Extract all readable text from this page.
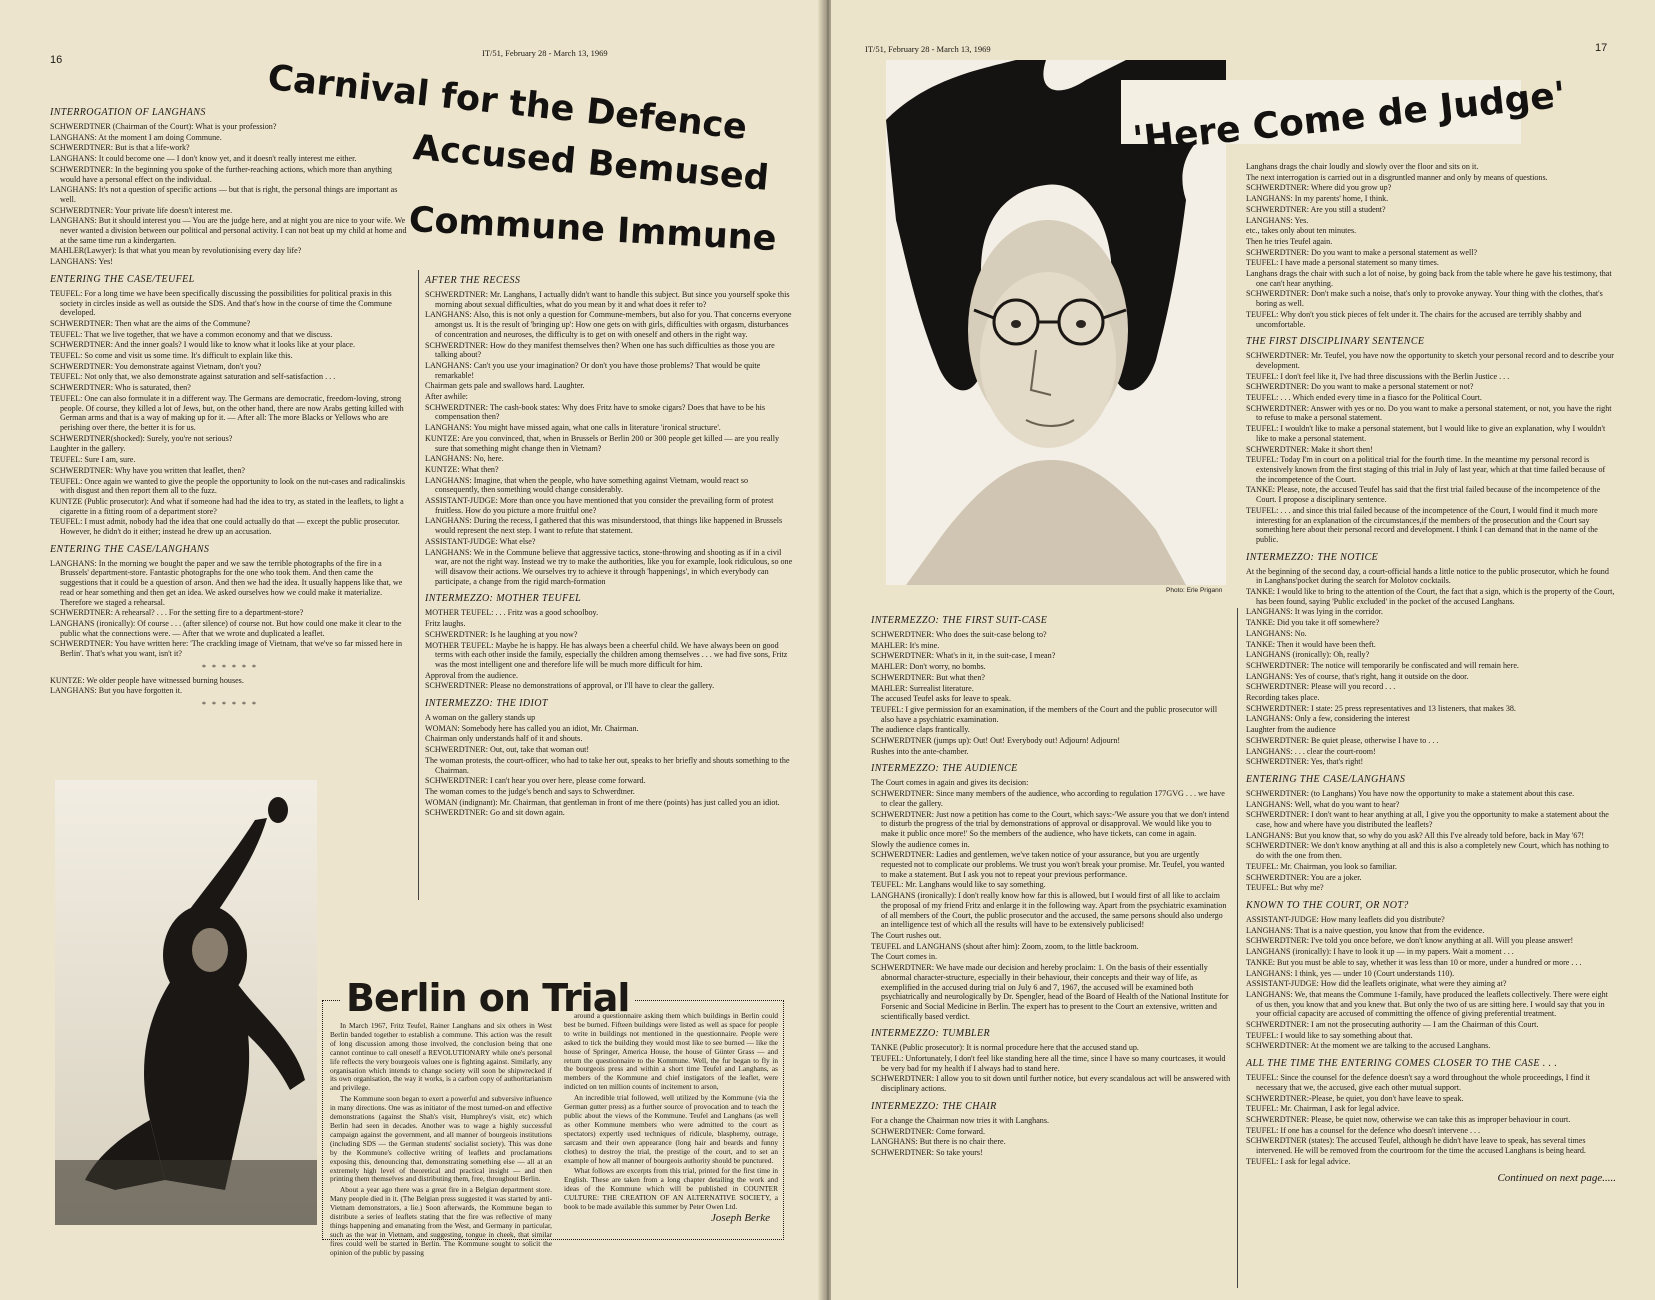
16
IT/51, February 28 - March 13, 1969
Carnival for the Defence
Accused Bemused
Commune Immune
INTERROGATION OF LANGHANS

SCHWERDTNER (Chairman of the Court): What is your profession?

LANGHANS: At the moment I am doing Commune.

SCHWERDTNER: But is that a life-work?

LANGHANS: It could become one — I don't know yet, and it doesn't really interest me either.

SCHWERDTNER: In the beginning you spoke of the further-reaching actions, which more than anything would have a personal effect on the individual.

LANGHANS: It's not a question of specific actions — but that is right, the personal things are important as well.

SCHWERDTNER: Your private life doesn't interest me.

LANGHANS: But it should interest you — You are the judge here, and at night you are nice to your wife. We never wanted a division between our political and personal activity. I can not beat up my child at home and at the same time run a kindergarten.

MAHLER(Lawyer): Is that what you mean by revolutionising every day life?

LANGHANS: Yes!

ENTERING THE CASE/TEUFEL

TEUFEL: For a long time we have been specifically discussing the possibilities for political praxis in this society in circles inside as well as outside the SDS. And that's how in the course of time the Commune developed.

SCHWERDTNER: Then what are the aims of the Commune?

TEUFEL: That we live together, that we have a common economy and that we discuss.

SCHWERDTNER: And the inner goals? I would like to know what it looks like at your place.

TEUFEL: So come and visit us some time. It's difficult to explain like this.

SCHWERDTNER: You demonstrate against Vietnam, don't you?

TEUFEL: Not only that, we also demonstrate against saturation and self-satisfaction . . .

SCHWERDTNER: Who is saturated, then?

TEUFEL: One can also formulate it in a different way. The Germans are democratic, freedom-loving, strong people. Of course, they killed a lot of Jews, but, on the other hand, there are now Arabs getting killed with German arms and that is a way of making up for it. — After all: The more Blacks or Yellows who are perishing over there, the better it is for us.

SCHWERDTNER(shocked): Surely, you're not serious?

Laughter in the gallery.

TEUFEL: Sure I am, sure.

SCHWERDTNER: Why have you written that leaflet, then?

TEUFEL: Once again we wanted to give the people the opportunity to look on the nut-cases and radicalinskis with disgust and then report them all to the fuzz.

KUNTZE (Public prosecutor): And what if someone had had the idea to try, as stated in the leaflets, to light a cigarette in a fitting room of a department store?

TEUFEL: I must admit, nobody had the idea that one could actually do that — except the public prosecutor. However, he didn't do it either; instead he drew up an accusation.

ENTERING THE CASE/LANGHANS

LANGHANS: In the morning we bought the paper and we saw the terrible photographs of the fire in a Brussels' department-store. Fantastic photographs for the one who took them. And then came the suggestions that it could be a question of arson. And then we had the idea. It usually happens like that, we read or hear something and then get an idea. We asked ourselves how we could make it materialize. Therefore we staged a rehearsal.

SCHWERDTNER: A rehearsal? . . . For the setting fire to a department-store?

LANGHANS (ironically): Of course . . . (after silence) of course not. But how could one make it clear to the public what the connections were. — After that we wrote and duplicated a leaflet.

SCHWERDTNER: You have written here: 'The crackling image of Vietnam, that we've so far missed here in Berlin'. That's what you want, isn't it?

* * * * * *

KUNTZE: We older people have witnessed burning houses.

LANGHANS: But you have forgotten it.

* * * * * *
AFTER THE RECESS

SCHWERDTNER: Mr. Langhans, I actually didn't want to handle this subject. But since you yourself spoke this morning about sexual difficulties, what do you mean by it and what does it refer to?

LANGHANS: Also, this is not only a question for Commune-members, but also for you. That concerns everyone amongst us. It is the result of 'bringing up': How one gets on with girls, difficulties with orgasm, disturbances of concentration and neuroses, the difficulty is to get on with oneself and others in the right way.

SCHWERDTNER: How do they manifest themselves then? When one has such difficulties as those you are talking about?

LANGHANS: Can't you use your imagination? Or don't you have those problems? That would be quite remarkable!

Chairman gets pale and swallows hard. Laughter.

After awhile:

SCHWERDTNER: The cash-book states: Why does Fritz have to smoke cigars? Does that have to be his compensation then?

LANGHANS: You might have missed again, what one calls in literature 'ironical structure'.

KUNTZE: Are you convinced, that, when in Brussels or Berlin 200 or 300 people get killed — are you really sure that something might change then in Vietnam?

LANGHANS: No, here.

KUNTZE: What then?

LANGHANS: Imagine, that when the people, who have something against Vietnam, would react so consequently, then something would change considerably.

ASSISTANT-JUDGE: More than once you have mentioned that you consider the prevailing form of protest fruitless. How do you picture a more fruitful one?

LANGHANS: During the recess, I gathered that this was misunderstood, that things like happened in Brussels would represent the next step. I want to refute that statement.

ASSISTANT-JUDGE: What else?

LANGHANS: We in the Commune believe that aggressive tactics, stone-throwing and shooting as if in a civil war, are not the right way. Instead we try to make the authorities, like you for example, look ridiculous, so one will disavow their actions. We ourselves try to achieve it through 'happenings', in which everybody can participate, a change from the rigid march-formation

INTERMEZZO: MOTHER TEUFEL

MOTHER TEUFEL: . . . Fritz was a good schoolboy.

Fritz laughs.

SCHWERDTNER: Is he laughing at you now?

MOTHER TEUFEL: Maybe he is happy. He has always been a cheerful child. We have always been on good terms with each other inside the family, especially the children among themselves . . . we had five sons, Fritz was the most intelligent one and therefore life will be much more difficult for him.

Approval from the audience.

SCHWERDTNER: Please no demonstrations of approval, or I'll have to clear the gallery.

INTERMEZZO: THE IDIOT

A woman on the gallery stands up

WOMAN: Somebody here has called you an idiot, Mr. Chairman.

Chairman only understands half of it and shouts.

SCHWERDTNER: Out, out, take that woman out!

The woman protests, the court-officer, who had to take her out, speaks to her briefly and shouts something to the Chairman.

SCHWERDTNER: I can't hear you over here, please come forward.

The woman comes to the judge's bench and says to Schwerdtner.

WOMAN (indignant): Mr. Chairman, that gentleman in front of me there (points) has just called you an idiot.

SCHWERDTNER: Go and sit down again.

Berlin on Trial

In March 1967, Fritz Teufel, Rainer Langhans and six others in West Berlin banded together to establish a commune. This action was the result of long discussion among those involved, the conclusion being that one cannot continue to call oneself a REVOLUTIONARY while one's personal life reflects the very bourgeois values one is fighting against. Similarly, any organisation which intends to change society will soon be shipwrecked if its own organisation, the way it works, is a carbon copy of authoritarianism and privilege.

The Kommune soon began to exert a powerful and subversive influence in many directions. One was as initiator of the most turned-on and effective demonstrations (against the Shah's visit, Humphrey's visit, etc) which Berlin had seen in decades. Another was to wage a highly successful campaign against the government, and all manner of bourgeois institutions (including SDS — the German students' socialist society). This was done by the Kommune's collective writing of leaflets and proclamations exposing this, denouncing that, demonstrating something else — all at an extremely high level of theoretical and practical insight — and then printing them themselves and distributing them, free, throughout Berlin.

About a year ago there was a great fire in a Belgian department store. Many people died in it. (The Belgian press suggested it was started by anti-Vietnam demonstrators, a lie.) Soon afterwards, the Kommune began to distribute a series of leaflets stating that the fire was reflective of many things happening and emanating from the West, and Germany in particular, such as the war in Vietnam, and suggesting, tongue in cheek, that similar fires could well be started in Berlin. The Kommune sought to solicit the opinion of the public by passing

around a questionnaire asking them which buildings in Berlin could best be burned. Fifteen buildings were listed as well as space for people to write in buildings not mentioned in the questionnaire. People were asked to tick the building they would most like to see burned — like the house of Springer, America House, the house of Günter Grass — and return the questionnaire to the Kommune. Well, the fur began to fly in the bourgeois press and within a short time Teufel and Langhans, as members of the Kommune and chief instigators of the leaflet, were indicted on ten million counts of incitement to arson,

An incredible trial followed, well utilized by the Kommune (via the German gutter press) as a further source of provocation and to teach the public about the views of the Kommune. Teufel and Langhans (as well as other Kommune members who were admitted to the court as spectators) expertly used techniques of ridicule, blasphemy, outrage, sarcasm and their own appearance (long hair and beards and funny clothes) to destroy the trial, the prestige of the court, and to set an example of how all manner of bourgeois authority should be punctured.

What follows are excerpts from this trial, printed for the first time in English. These are taken from a long chapter detailing the work and ideas of the Kommune which will be published in COUNTER CULTURE: THE CREATION OF AN ALTERNATIVE SOCIETY, a book to be made available this summer by Peter Owen Ltd.

Joseph Berke
IT/51, February 28 - March 13, 1969	17
Photo: Erle Prigann
'Here Come de Judge'

Langhans drags the chair loudly and slowly over the floor and sits on it.

The next interrogation is carried out in a disgruntled manner and only by means of questions.

SCHWERDTNER: Where did you grow up?

LANGHANS: In my parents' home, I think.

SCHWERDTNER: Are you still a student?

LANGHANS: Yes.

etc., takes only about ten minutes.

Then he tries Teufel again.

SCHWERDTNER: Do you want to make a personal statement as well?

TEUFEL: I have made a personal statement so many times.

Langhans drags the chair with such a lot of noise, by going back from the table where he gave his testimony, that one can't hear anything.

SCHWERDTNER: Don't make such a noise, that's only to provoke anyway. Your thing with the clothes, that's boring as well.

TEUFEL: Why don't you stick pieces of felt under it. The chairs for the accused are terribly shabby and uncomfortable.

THE FIRST DISCIPLINARY SENTENCE

SCHWERDTNER: Mr. Teufel, you have now the opportunity to sketch your personal record and to describe your development.

TEUFEL: I don't feel like it, I've had three discussions with the Berlin Justice . . .

SCHWERDTNER: Do you want to make a personal statement or not?

TEUFEL: . . . Which ended every time in a fiasco for the Political Court.

SCHWERDTNER: Answer with yes or no. Do you want to make a personal statement, or not, you have the right to refuse to make a personal statement.

TEUFEL: I wouldn't like to make a personal statement, but I would like to give an explanation, why I wouldn't like to make a personal statement.

SCHWERDTNER: Make it short then!

TEUFEL: Today I'm in court on a political trial for the fourth time. In the meantime my personal record is extensively known from the first staging of this trial in July of last year, which at that time failed because of the incompetence of the Court.

TANKE: Please, note, the accused Teufel has said that the first trial failed because of the incompetence of the Court. I propose a disciplinary sentence.

TEUFEL: . . . and since this trial failed because of the incompetence of the Court, I would find it much more interesting for an explanation of the circumstances,if the members of the prosecution and the Court say something here about their personal record and development. I think I can demand that in the name of the public.

INTERMEZZO: THE NOTICE

At the beginning of the second day, a court-official hands a little notice to the public prosecutor, which he found in Langhans'pocket during the search for Molotov cocktails.

TANKE: I would like to bring to the attention of the Court, the fact that a sign, which is the property of the Court, has been found, saying 'Public excluded' in the pocket of the accused Langhans.

LANGHANS: It was lying in the corridor.

TANKE: Did you take it off somewhere?

LANGHANS: No.

TANKE: Then it would have been theft.

LANGHANS (ironically): Oh, really?

SCHWERDTNER: The notice will temporarily be confiscated and will remain here.

LANGHANS: Yes of course, that's right, hang it outside on the door.

SCHWERDTNER: Please will you record . . .

Recording takes place.

SCHWERDTNER: I state: 25 press representatives and 13 listeners, that makes 38.

LANGHANS: Only a few, considering the interest

Laughter from the audience

SCHWERDTNER: Be quiet please, otherwise I have to . . .

LANGHANS: . . . clear the court-room!

SCHWERDTNER: Yes, that's right!

ENTERING THE CASE/LANGHANS

SCHWERDTNER: (to Langhans) You have now the opportunity to make a statement about this case.

LANGHANS: Well, what do you want to hear?

SCHWERDTNER: I don't want to hear anything at all, I give you the opportunity to make a statement about the case, how and where have you distributed the leaflets?

LANGHANS: But you know that, so why do you ask? All this I've already told before, back in May '67!

SCHWERDTNER: We don't know anything at all and this is also a completely new Court, which has nothing to do with the one from then.

TEUFEL: Mr. Chairman, you look so familiar.

SCHWERDTNER: You are a joker.

TEUFEL: But why me?

KNOWN TO THE COURT, OR NOT?

ASSISTANT-JUDGE: How many leaflets did you distribute?

LANGHANS: That is a naive question, you know that from the evidence.

SCHWERDTNER: I've told you once before, we don't know anything at all. Will you please answer!

LANGHANS (ironically): I have to look it up — in my papers. Wait a moment . . .

TANKE: But you must be able to say, whether it was less than 10 or more, under a hundred or more . . .

LANGHANS: I think, yes — under 10 (Court understands 110).

ASSISTANT-JUDGE: How did the leaflets originate, what were they aiming at?

LANGHANS: We, that means the Commune 1-family, have produced the leaflets collectively. There were eight of us then, you know that and you knew that. But only the two of us are sitting here. I would say that you in your official capacity are accused of committing the offence of giving preferential treatment.

SCHWERDTNER: I am not the prosecuting authority — I am the Chairman of this Court.

TEUFEL: I would like to say something about that.

SCHWERDTNER: At the moment we are talking to the accused Langhans.

ALL THE TIME THE ENTERING COMES CLOSER TO THE CASE . . .

TEUFEL: Since the counsel for the defence doesn't say a word throughout the whole proceedings, I find it necessary that we, the accused, give each other mutual support.

SCHWERDTNER:-Please, be quiet, you don't have leave to speak.

TEUFEL: Mr. Chairman, I ask for legal advice.

SCHWERDTNER: Please, be quiet now, otherwise we can take this as improper behaviour in court.

TEUFEL: If one has a counsel for the defence who doesn't intervene . . .

SCHWERDTNER (states): The accused Teufel, although he didn't have leave to speak, has several times intervened. He will be removed from the courtroom for the time the accused Langhans is being heard.

TEUFEL: I ask for legal advice.

Continued on next page.....
INTERMEZZO: THE FIRST SUIT-CASE

SCHWERDTNER: Who does the suit-case belong to?

MAHLER: It's mine.

SCHWERDTNER: What's in it, in the suit-case, I mean?

MAHLER: Don't worry, no bombs.

SCHWERDTNER: But what then?

MAHLER: Surrealist literature.

The accused Teufel asks for leave to speak.

TEUFEL: I give permission for an examination, if the members of the Court and the public prosecutor will also have a psychiatric examination.

The audience claps frantically.

SCHWERDTNER (jumps up): Out! Out! Everybody out! Adjourn! Adjourn!

Rushes into the ante-chamber.

INTERMEZZO: THE AUDIENCE

The Court comes in again and gives its decision:

SCHWERDTNER: Since many members of the audience, who according to regulation 177GVG . . . we have to clear the gallery.

SCHWERDTNER: Just now a petition has come to the Court, which says:-'We assure you that we don't intend to disturb the progress of the trial by demonstrations of approval or disapproval. We would like you to make it public once more!' So the members of the audience, who have tickets, can come in again.

Slowly the audience comes in.

SCHWERDTNER: Ladies and gentlemen, we've taken notice of your assurance, but you are urgently requested not to complicate our problems. We trust you won't break your promise. Mr. Teufel, you wanted to make a statement. But I ask you not to repeat your previous performance.

TEUFEL: Mr. Langhans would like to say something.

LANGHANS (ironically): I don't really know how far this is allowed, but I would first of all like to acclaim the proposal of my friend Fritz and enlarge it in the following way. Apart from the psychiatric examination of all members of the Court, the public prosecutor and the accused, the same persons should also undergo an intelligence test of which all the results will have to be extensively publicised!

The Court rushes out.

TEUFEL and LANGHANS (shout after him): Zoom, zoom, to the little backroom.

The Court comes in.

SCHWERDTNER: We have made our decision and hereby proclaim: 1. On the basis of their essentially abnormal character-structure, especially in their behaviour, their concepts and their way of life, as exemplified in the accused during trial on July 6 and 7, 1967, the accused will be examined both psychiatrically and neurologically by Dr. Spengler, head of the Board of Health of the National Institute for Forsenic and Social Medicine in Berlin. The expert has to present to the Court an extensive, written and scientifically based verdict.

INTERMEZZO: TUMBLER

TANKE (Public prosecutor): It is normal procedure here that the accused stand up.

TEUFEL: Unfortunately, I don't feel like standing here all the time, since I have so many courtcases, it would be very bad for my health if I always had to stand here.

SCHWERDTNER: I allow you to sit down until further notice, but every scandalous act will be answered with disciplinary actions.

INTERMEZZO: THE CHAIR

For a change the Chairman now tries it with Langhans.

SCHWERDTNER: Come forward.

LANGHANS: But there is no chair there.

SCHWERDTNER: So take yours!
